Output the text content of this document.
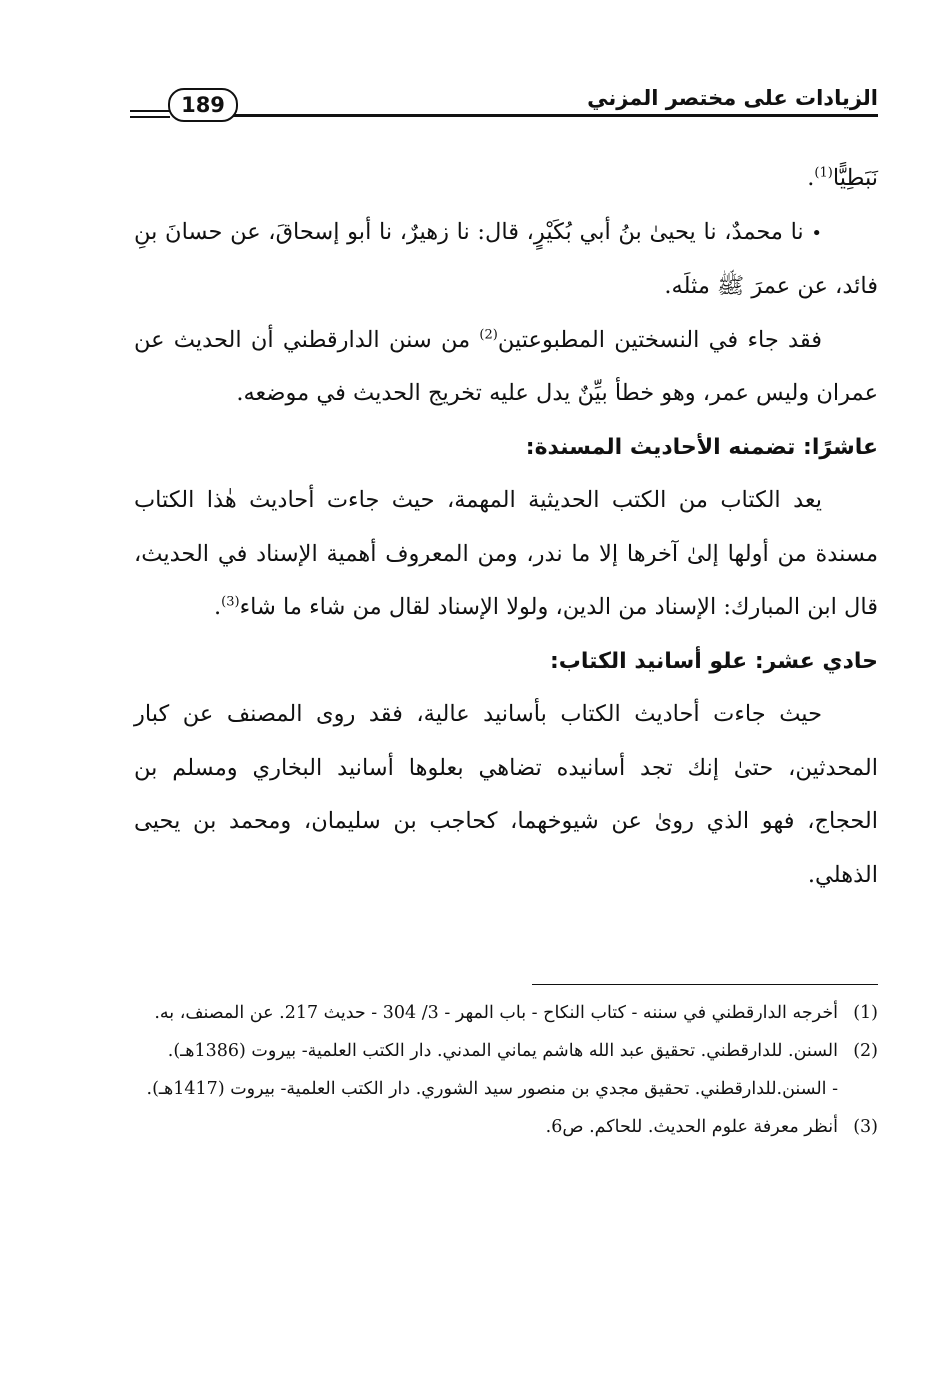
189	الزيادات على مختصر المزني

نَبَطِيًّا$^{(1)}$.

• نا محمدٌ، نا يحيىٰ بنُ أبي بُكَيْرٍ، قال: نا زهيرٌ، نا أبو إسحاقَ، عن حسانَ بنِ فائد، عن عمرَ ﷺ مثلَه.

فقد جاء في النسختين المطبوعتين$^{(2)}$ من سنن الدارقطني أن الحديث عن عمران وليس عمر، وهو خطأ بيِّنٌ يدل عليه تخريج الحديث في موضعه.

عاشرًا: تضمنه الأحاديث المسندة:

يعد الكتاب من الكتب الحديثية المهمة، حيث جاءت أحاديث هٰذا الكتاب مسندة من أولها إلىٰ آخرها إلا ما ندر، ومن المعروف أهمية الإسناد في الحديث، قال ابن المبارك: الإسناد من الدين، ولولا الإسناد لقال من شاء ما شاء$^{(3)}$.

حادي عشر: علو أسانيد الكتاب:

حيث جاءت أحاديث الكتاب بأسانيد عالية، فقد روى المصنف عن كبار المحدثين، حتىٰ إنك تجد أسانيده تضاهي بعلوها أسانيد البخاري ومسلم بن الحجاج، فهو الذي روىٰ عن شيوخهما، كحاجب بن سليمان، ومحمد بن يحيى الذهلي.

(1)
أخرجه الدارقطني في سننه - كتاب النكاح - باب المهر - 3/ 304 - حديث 217. عن المصنف، به.
(2)
السنن. للدارقطني. تحقيق عبد الله هاشم يماني المدني. دار الكتب العلمية- بيروت (1386هـ).
- السنن.للدارقطني. تحقيق مجدي بن منصور سيد الشوري. دار الكتب العلمية- بيروت (1417هـ).
(3)
أنظر معرفة علوم الحديث. للحاكم. ص6.
